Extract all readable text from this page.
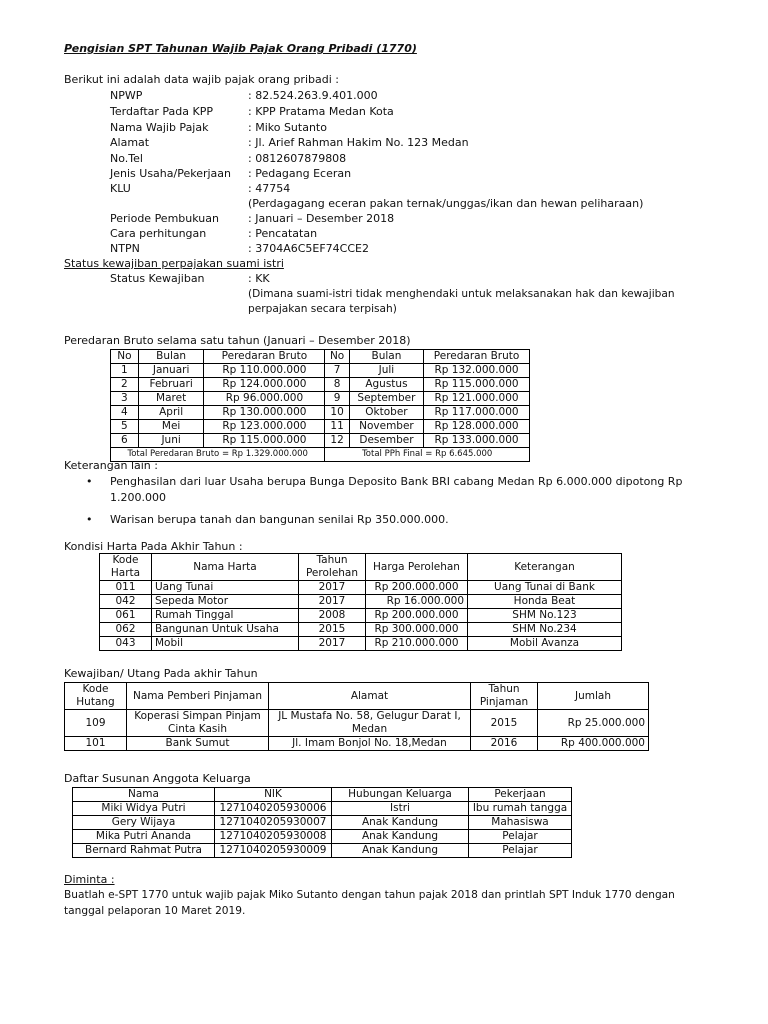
Pengisian SPT Tahunan Wajib Pajak Orang Pribadi (1770)
Berikut ini adalah data wajib pajak orang pribadi :
NPWP	: 82.524.263.9.401.000
Terdaftar Pada KPP	: KPP Pratama Medan Kota
Nama Wajib Pajak	: Miko Sutanto
Alamat	: Jl. Arief Rahman Hakim No. 123 Medan
No.Tel	: 0812607879808
Jenis Usaha/Pekerjaan : Pedagang Eceran
KLU	: 47754
(Perdagagang eceran pakan ternak/unggas/ikan dan hewan peliharaan)
Periode Pembukuan	: Januari – Desember 2018
Cara perhitungan	: Pencatatan
NTPN	: 3704A6C5EF74CCE2
Status kewajiban perpajakan suami istri
Status Kewajiban	: KK
(Dimana suami-istri tidak menghendaki untuk melaksanakan hak dan kewajiban
perpajakan secara terpisah)
Peredaran Bruto selama satu tahun (Januari – Desember 2018)
No	Bulan	Peredaran Bruto	No	Bulan	Peredaran Bruto
1	Januari	Rp 110.000.000	7	Juli	Rp 132.000.000
2	Februari	Rp 124.000.000	8	Agustus	Rp 115.000.000
3	Maret	Rp 96.000.000	9	September	Rp 121.000.000
4	April	Rp 130.000.000	10	Oktober	Rp 117.000.000
5	Mei	Rp 123.000.000	11	November	Rp 128.000.000
6	Juni	Rp 115.000.000	12	Desember	Rp 133.000.000
Total Peredaran Bruto = Rp 1.329.000.000			Total PPh Final = Rp 6.645.000		
Keterangan lain :
• Penghasilan dari luar Usaha berupa Bunga Deposito Bank BRI cabang Medan Rp 6.000.000 dipotong Rp 1.200.000
• Warisan berupa tanah dan bangunan senilai Rp 350.000.000.
Kondisi Harta Pada Akhir Tahun :
Kode Harta	Nama Harta	Tahun Perolehan	Harga Perolehan	Keterangan
011	Uang Tunai	2017	Rp 200.000.000	Uang Tunai di Bank
042	Sepeda Motor	2017	Rp 16.000.000	Honda Beat
061	Rumah Tinggal	2008	Rp 200.000.000	SHM No.123
062	Bangunan Untuk Usaha	2015	Rp 300.000.000	SHM No.234
043	Mobil	2017	Rp 210.000.000	Mobil Avanza
Kewajiban/ Utang Pada akhir Tahun
Kode Hutang	Nama Pemberi Pinjaman	Alamat	Tahun Pinjaman	Jumlah
109	Koperasi Simpan Pinjam Cinta Kasih	JL Mustafa No. 58, Gelugur Darat I, Medan	2015	Rp 25.000.000
101	Bank Sumut	Jl. Imam Bonjol No. 18,Medan	2016	Rp 400.000.000
Daftar Susunan Anggota Keluarga
Nama	NIK	Hubungan Keluarga	Pekerjaan
Miki Widya Putri	1271040205930006	Istri	Ibu rumah tangga
Gery Wijaya	1271040205930007	Anak Kandung	Mahasiswa
Mika Putri Ananda	1271040205930008	Anak Kandung	Pelajar
Bernard Rahmat Putra	1271040205930009	Anak Kandung	Pelajar
Diminta :
Buatlah e-SPT 1770 untuk wajib pajak Miko Sutanto dengan tahun pajak 2018 dan printlah SPT Induk 1770 dengan
tanggal pelaporan 10 Maret 2019.
